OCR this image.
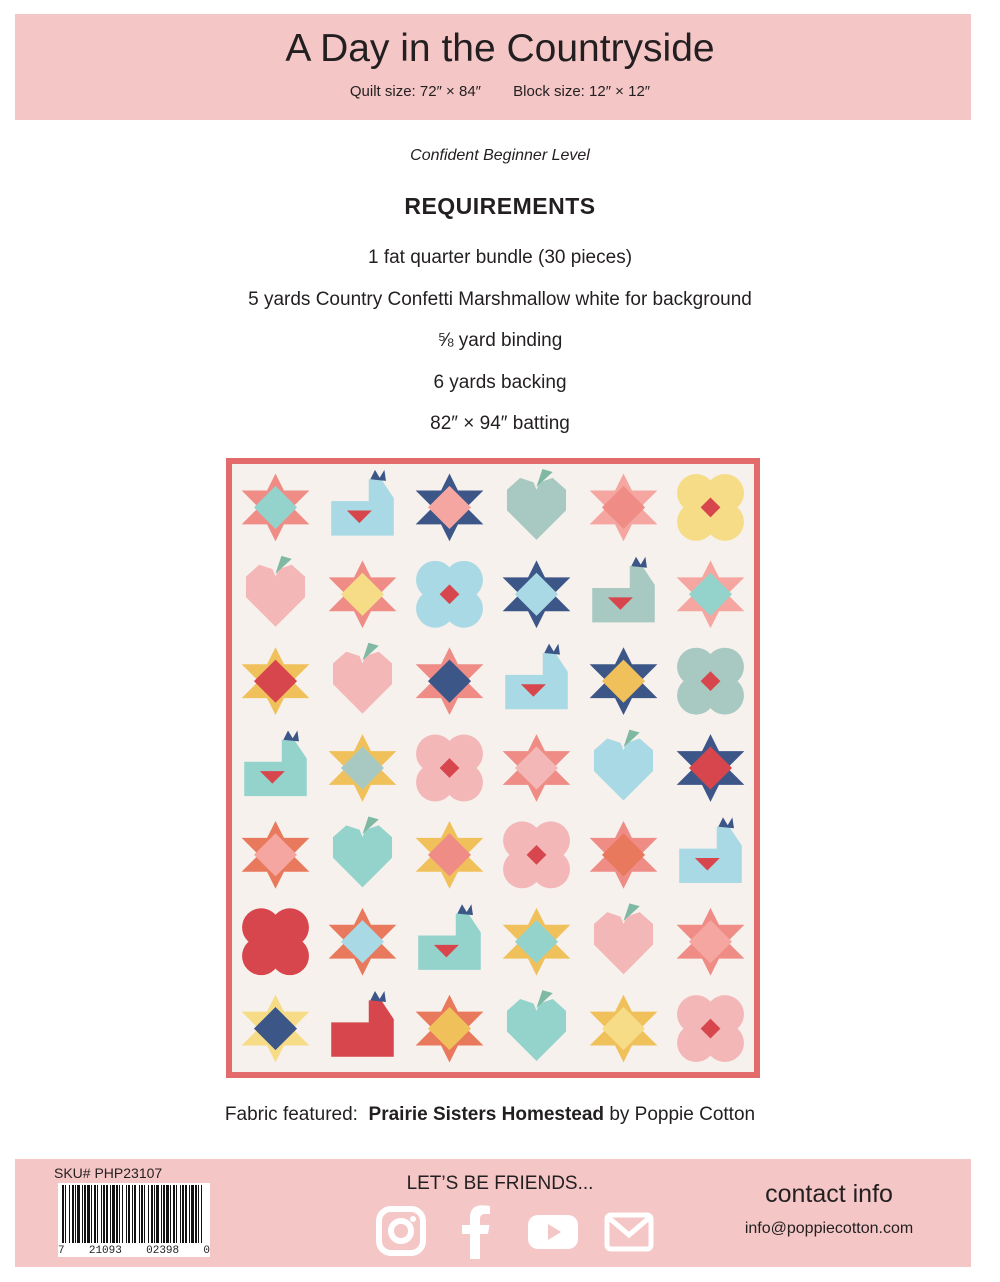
A Day in the Countryside
Quilt size: 72″ × 84″ Block size: 12″ × 12″
Confident Beginner Level
REQUIREMENTS
1 fat quarter bundle (30 pieces)
5 yards Country Confetti Marshmallow white for background
⅝ yard binding
6 yards backing
82″ × 94″ batting
Fabric featured: Prairie Sisters Homestead by Poppie Cotton
SKU# PHP23107
7 21093 02398 0
LET’S BE FRIENDS...	contact info
info@poppiecotton.com
